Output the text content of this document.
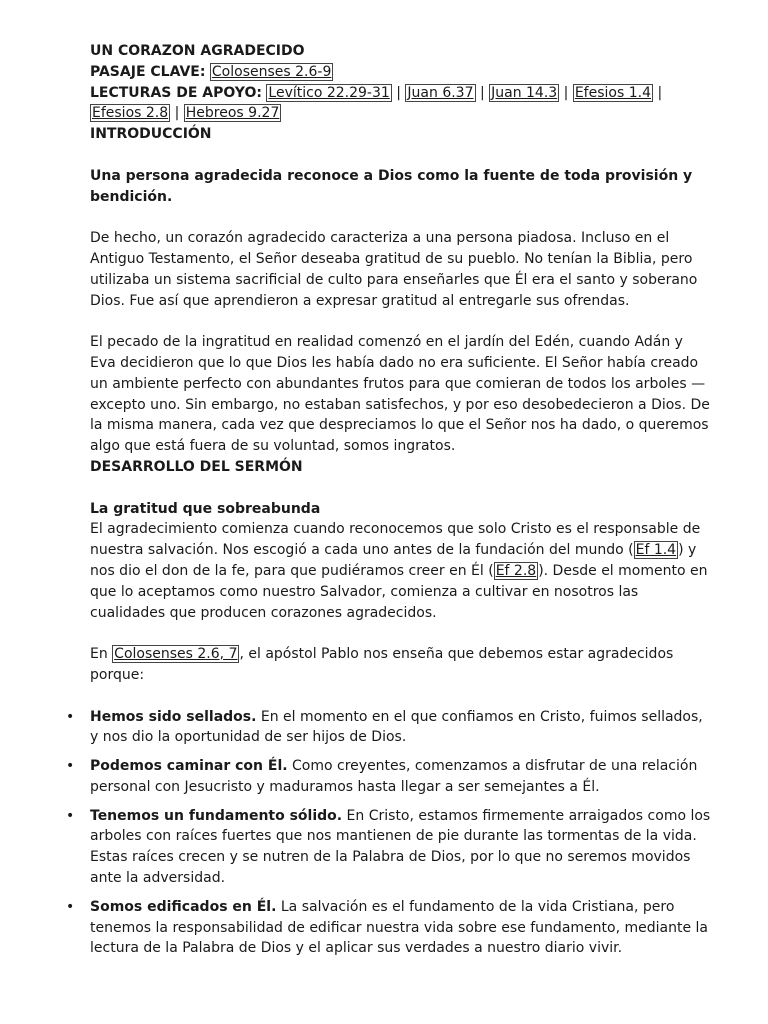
UN CORAZON AGRADECIDO

PASAJE CLAVE: Colosenses 2.6-9

LECTURAS DE APOYO: Levítico 22.29-31 | Juan 6.37 | Juan 14.3 | Efesios 1.4 | Efesios 2.8 | Hebreos 9.27

INTRODUCCIÓN

Una persona agradecida reconoce a Dios como la fuente de toda provisión y bendición.

De hecho, un corazón agradecido caracteriza a una persona piadosa. Incluso en el Antiguo Testamento, el Señor deseaba gratitud de su pueblo. No tenían la Biblia, pero utilizaba un sistema sacrificial de culto para enseñarles que Él era el santo y soberano Dios. Fue así que aprendieron a expresar gratitud al entregarle sus ofrendas.

El pecado de la ingratitud en realidad comenzó en el jardín del Edén, cuando Adán y Eva decidieron que lo que Dios les había dado no era suficiente. El Señor había creado un ambiente perfecto con abundantes frutos para que comieran de todos los arboles —excepto uno. Sin embargo, no estaban satisfechos, y por eso desobedecieron a Dios. De la misma manera, cada vez que despreciamos lo que el Señor nos ha dado, o queremos algo que está fuera de su voluntad, somos ingratos.

DESARROLLO DEL SERMÓN

La gratitud que sobreabunda

El agradecimiento comienza cuando reconocemos que solo Cristo es el responsable de nuestra salvación. Nos escogió a cada uno antes de la fundación del mundo ( Ef 1.4 ) y nos dio el don de la fe, para que pudiéramos creer en Él ( Ef 2.8 ). Desde el momento en que lo aceptamos como nuestro Salvador, comienza a cultivar en nosotros las cualidades que producen corazones agradecidos.

En Colosenses 2.6, 7 , el apóstol Pablo nos enseña que debemos estar agradecidos porque:

• Hemos sido sellados. En el momento en el que confiamos en Cristo, fuimos sellados, y nos dio la oportunidad de ser hijos de Dios.
• Podemos caminar con Él. Como creyentes, comenzamos a disfrutar de una relación personal con Jesucristo y maduramos hasta llegar a ser semejantes a Él.
• Tenemos un fundamento sólido. En Cristo, estamos firmemente arraigados como los arboles con raíces fuertes que nos mantienen de pie durante las tormentas de la vida. Estas raíces crecen y se nutren de la Palabra de Dios, por lo que no seremos movidos ante la adversidad.
• Somos edificados en Él. La salvación es el fundamento de la vida Cristiana, pero tenemos la responsabilidad de edificar nuestra vida sobre ese fundamento, mediante la lectura de la Palabra de Dios y el aplicar sus verdades a nuestro diario vivir.
